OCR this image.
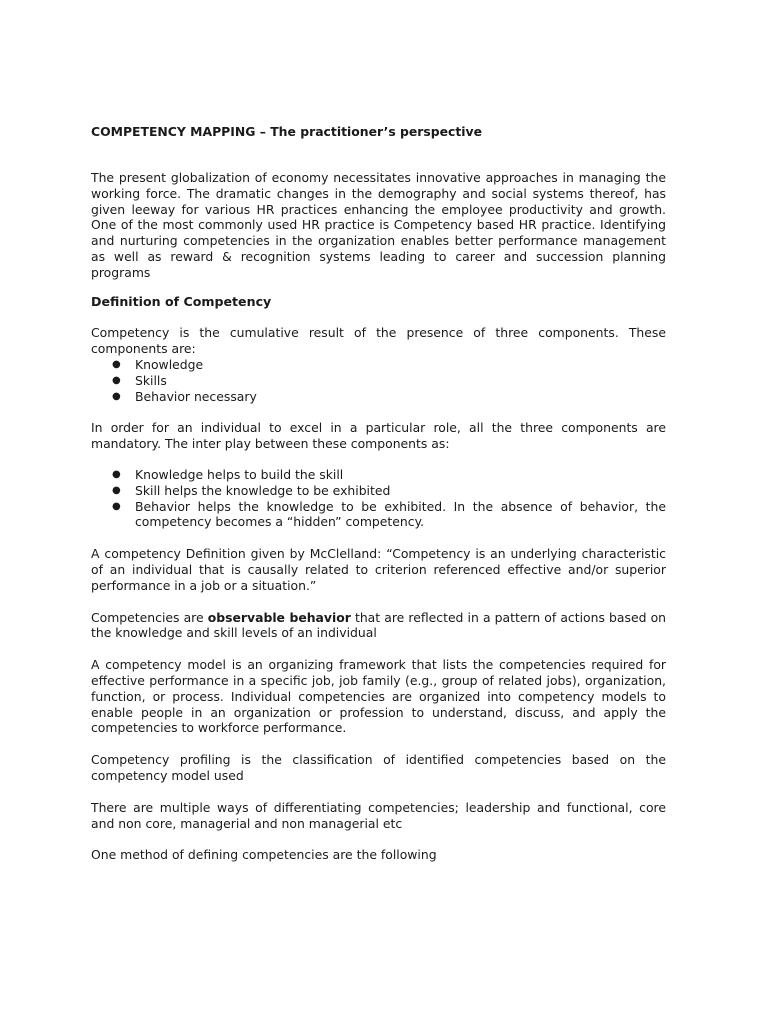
COMPETENCY MAPPING – The practitioner’s perspective

The present globalization of economy necessitates innovative approaches in managing the working force. The dramatic changes in the demography and social systems thereof, has given leeway for various HR practices enhancing the employee productivity and growth. One of the most commonly used HR practice is Competency based HR practice. Identifying and nurturing competencies in the organization enables better performance management as well as reward & recognition systems leading to career and succession planning programs

Definition of Competency

Competency is the cumulative result of the presence of three components. These components are:

● Knowledge
● Skills
● Behavior necessary

In order for an individual to excel in a particular role, all the three components are mandatory. The inter play between these components as:

● Knowledge helps to build the skill
● Skill helps the knowledge to be exhibited
● Behavior helps the knowledge to be exhibited. In the absence of behavior, the competency becomes a “hidden” competency.

A competency Definition given by McClelland: “Competency is an underlying characteristic of an individual that is causally related to criterion referenced effective and/or superior performance in a job or a situation.”

Competencies are observable behavior that are reflected in a pattern of actions based on the knowledge and skill levels of an individual

A competency model is an organizing framework that lists the competencies required for effective performance in a specific job, job family (e.g., group of related jobs), organization, function, or process. Individual competencies are organized into competency models to enable people in an organization or profession to understand, discuss, and apply the competencies to workforce performance.

Competency profiling is the classification of identified competencies based on the competency model used

There are multiple ways of differentiating competencies; leadership and functional, core and non core, managerial and non managerial etc

One method of defining competencies are the following
